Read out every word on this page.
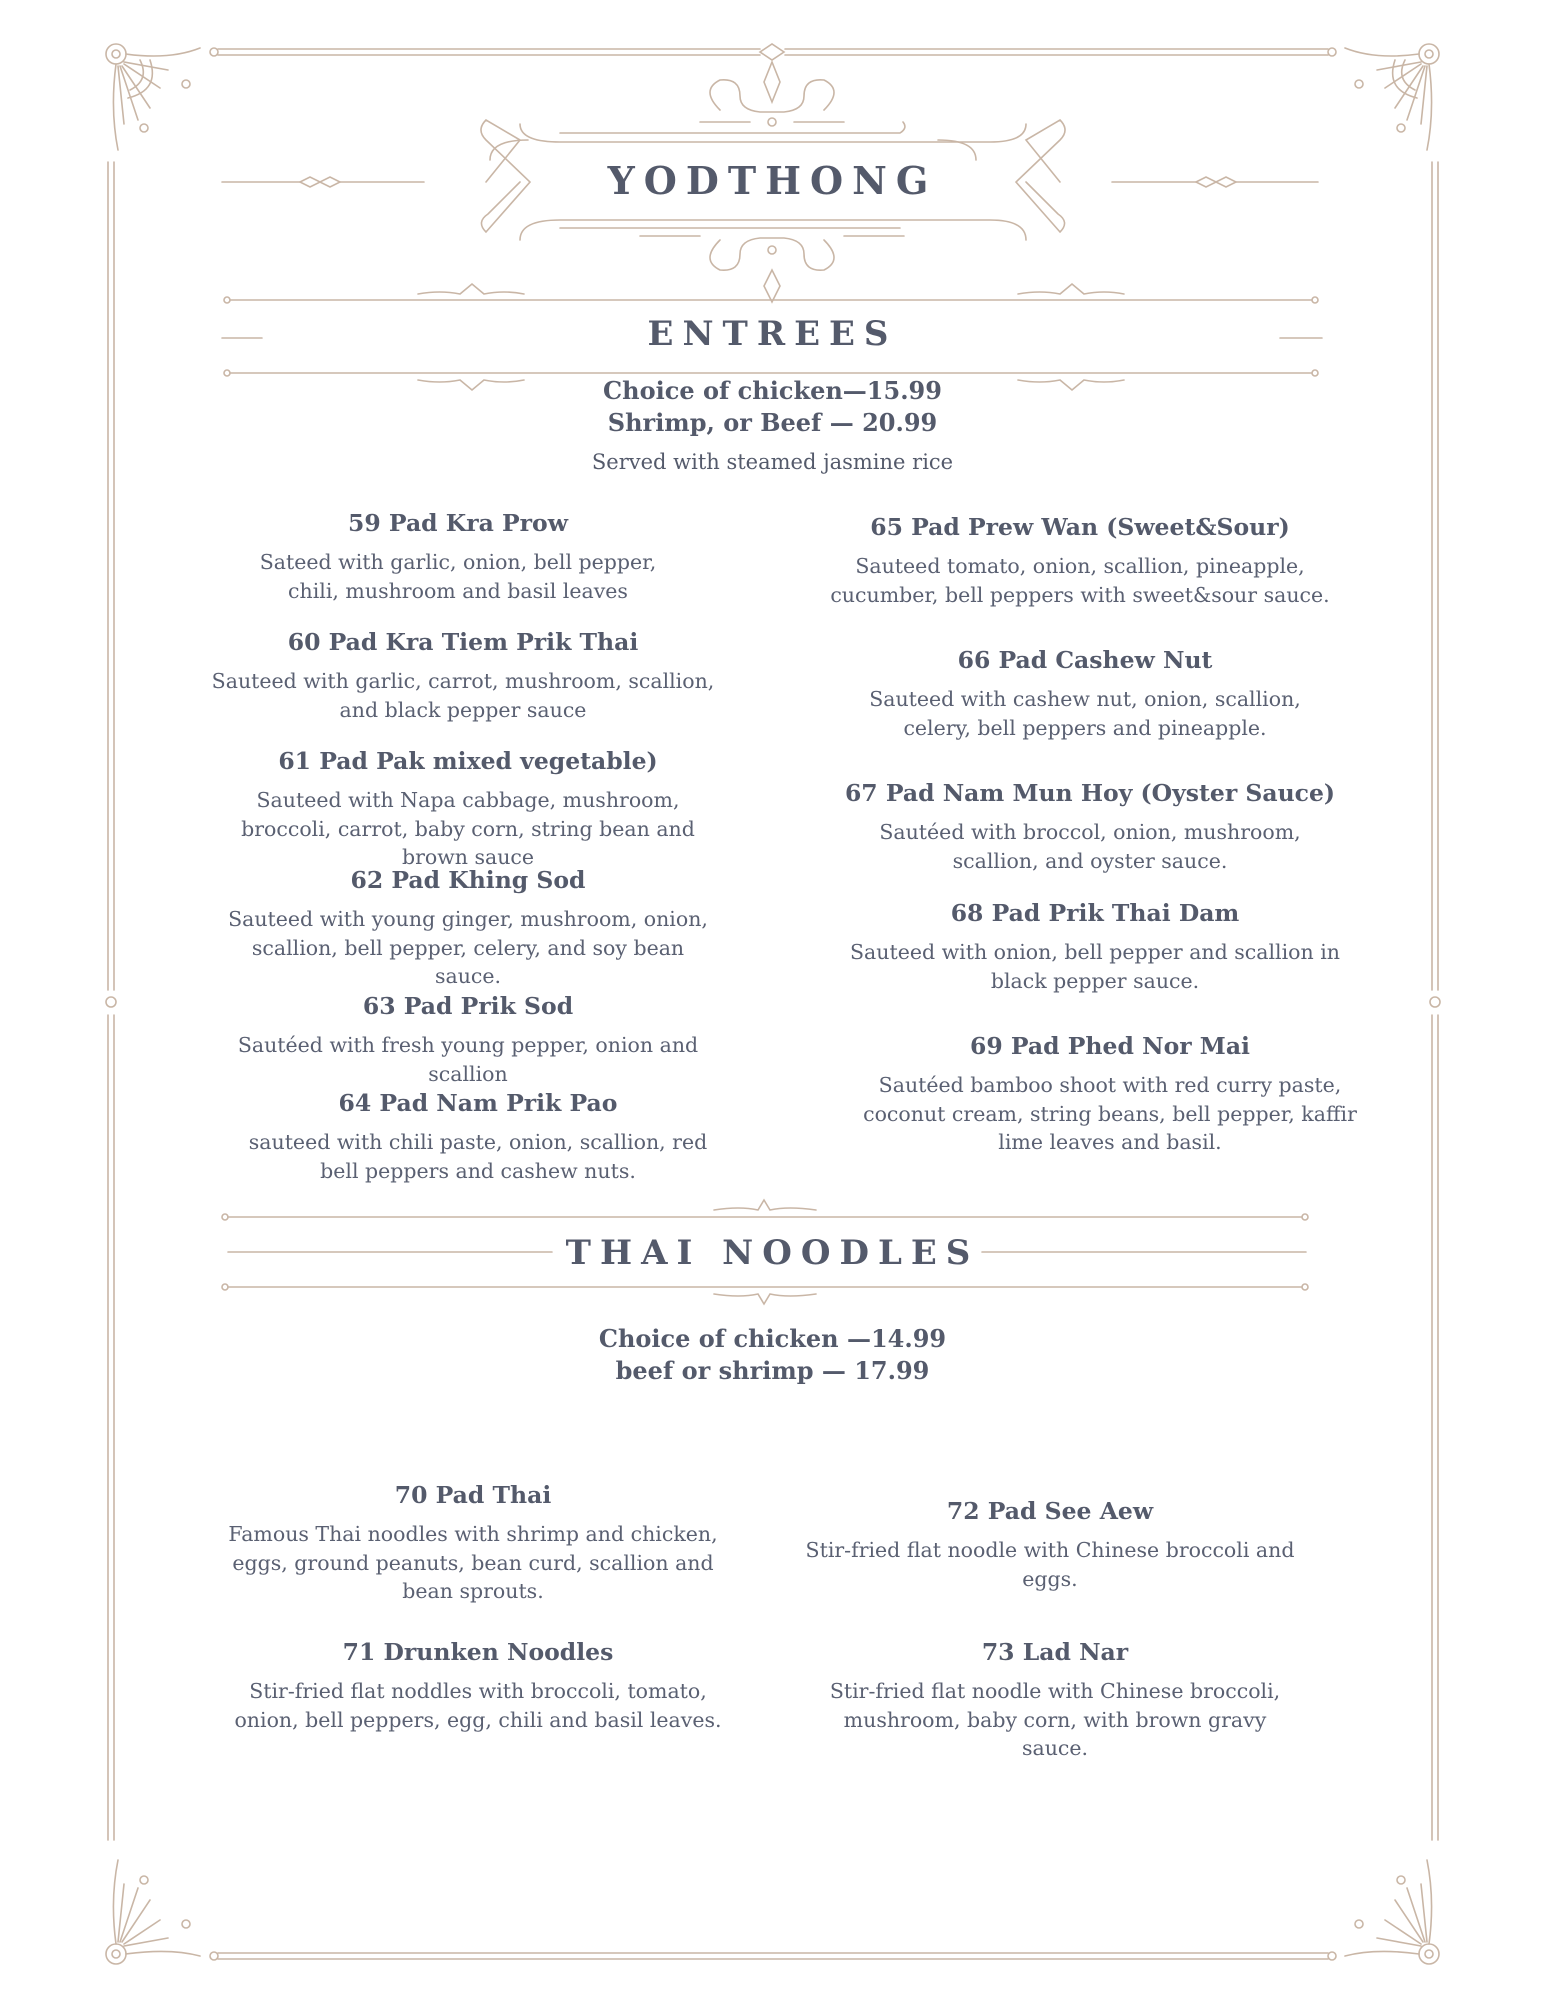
YODTHONG
ENTREES
Choice of chicken—15.99
Shrimp, or Beef — 20.99
Served with steamed jasmine rice
59 Pad Kra Prow
Sateed with garlic, onion, bell pepper, chili, mushroom and basil leaves
60 Pad Kra Tiem Prik Thai
Sauteed with garlic, carrot, mushroom, scallion, and black pepper sauce
61 Pad Pak mixed vegetable)
Sauteed with Napa cabbage, mushroom, broccoli, carrot, baby corn, string bean and brown sauce
62 Pad Khing Sod
Sauteed with young ginger, mushroom, onion, scallion, bell pepper, celery, and soy bean sauce.
63 Pad Prik Sod
Sautéed with fresh young pepper, onion and scallion
64 Pad Nam Prik Pao
sauteed with chili paste, onion, scallion, red bell peppers and cashew nuts.
65 Pad Prew Wan (Sweet&Sour)
Sauteed tomato, onion, scallion, pineapple, cucumber, bell peppers with sweet&sour sauce.
66 Pad Cashew Nut
Sauteed with cashew nut, onion, scallion, celery, bell peppers and pineapple.
67 Pad Nam Mun Hoy (Oyster Sauce)
Sautéed with broccol, onion, mushroom, scallion, and oyster sauce.
68 Pad Prik Thai Dam
Sauteed with onion, bell pepper and scallion in black pepper sauce.
69 Pad Phed Nor Mai
Sautéed bamboo shoot with red curry paste, coconut cream, string beans, bell pepper, kaffir lime leaves and basil.
THAI NOODLES
Choice of chicken —14.99
beef or shrimp — 17.99
70 Pad Thai
Famous Thai noodles with shrimp and chicken, eggs, ground peanuts, bean curd, scallion and bean sprouts.
71 Drunken Noodles
Stir-fried flat noddles with broccoli, tomato, onion, bell peppers, egg, chili and basil leaves.
72 Pad See Aew
Stir-fried flat noodle with Chinese broccoli and eggs.
73 Lad Nar
Stir-fried flat noodle with Chinese broccoli, mushroom, baby corn, with brown gravy sauce.
